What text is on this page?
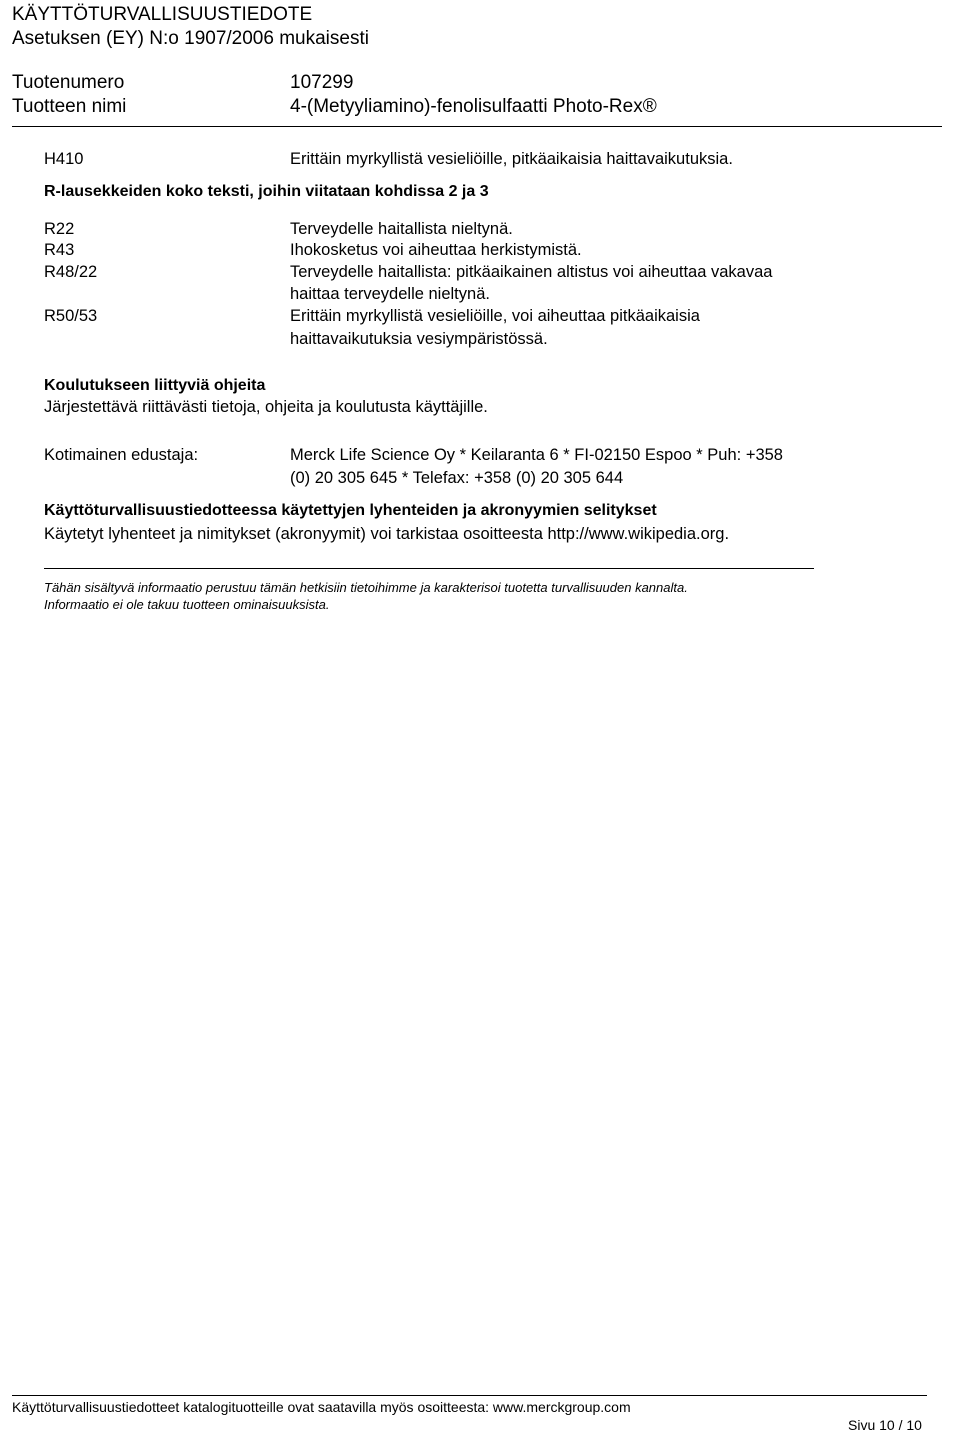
KÄYTTÖTURVALLISUUSTIEDOTE
Asetuksen (EY) N:o 1907/2006 mukaisesti
Tuotenumero	107299
Tuotteen nimi	4-(Metyyliamino)-fenolisulfaatti Photo-Rex®
H410	Erittäin myrkyllistä vesieliöille, pitkäaikaisia haittavaikutuksia.
R-lausekkeiden koko teksti, joihin viitataan kohdissa 2 ja 3
R22	Terveydelle haitallista nieltynä.
R43	Ihokosketus voi aiheuttaa herkistymistä.
R48/22	Terveydelle haitallista: pitkäaikainen altistus voi aiheuttaa vakavaa
haittaa terveydelle nieltynä.
R50/53	Erittäin myrkyllistä vesieliöille, voi aiheuttaa pitkäaikaisia
haittavaikutuksia vesiympäristössä.
Koulutukseen liittyviä ohjeita
Järjestettävä riittävästi tietoja, ohjeita ja koulutusta käyttäjille.
Kotimainen edustaja:	Merck Life Science Oy * Keilaranta 6 * FI-02150 Espoo * Puh: +358
(0) 20 305 645 * Telefax: +358 (0) 20 305 644
Käyttöturvallisuustiedotteessa käytettyjen lyhenteiden ja akronyymien selitykset
Käytetyt lyhenteet ja nimitykset (akronyymit) voi tarkistaa osoitteesta http://www.wikipedia.org.
Tähän sisältyvä informaatio perustuu tämän hetkisiin tietoihimme ja karakterisoi tuotetta turvallisuuden kannalta.
Informaatio ei ole takuu tuotteen ominaisuuksista.
Käyttöturvallisuustiedotteet katalogituotteille ovat saatavilla myös osoitteesta: www.merckgroup.com
Sivu 10 / 10
